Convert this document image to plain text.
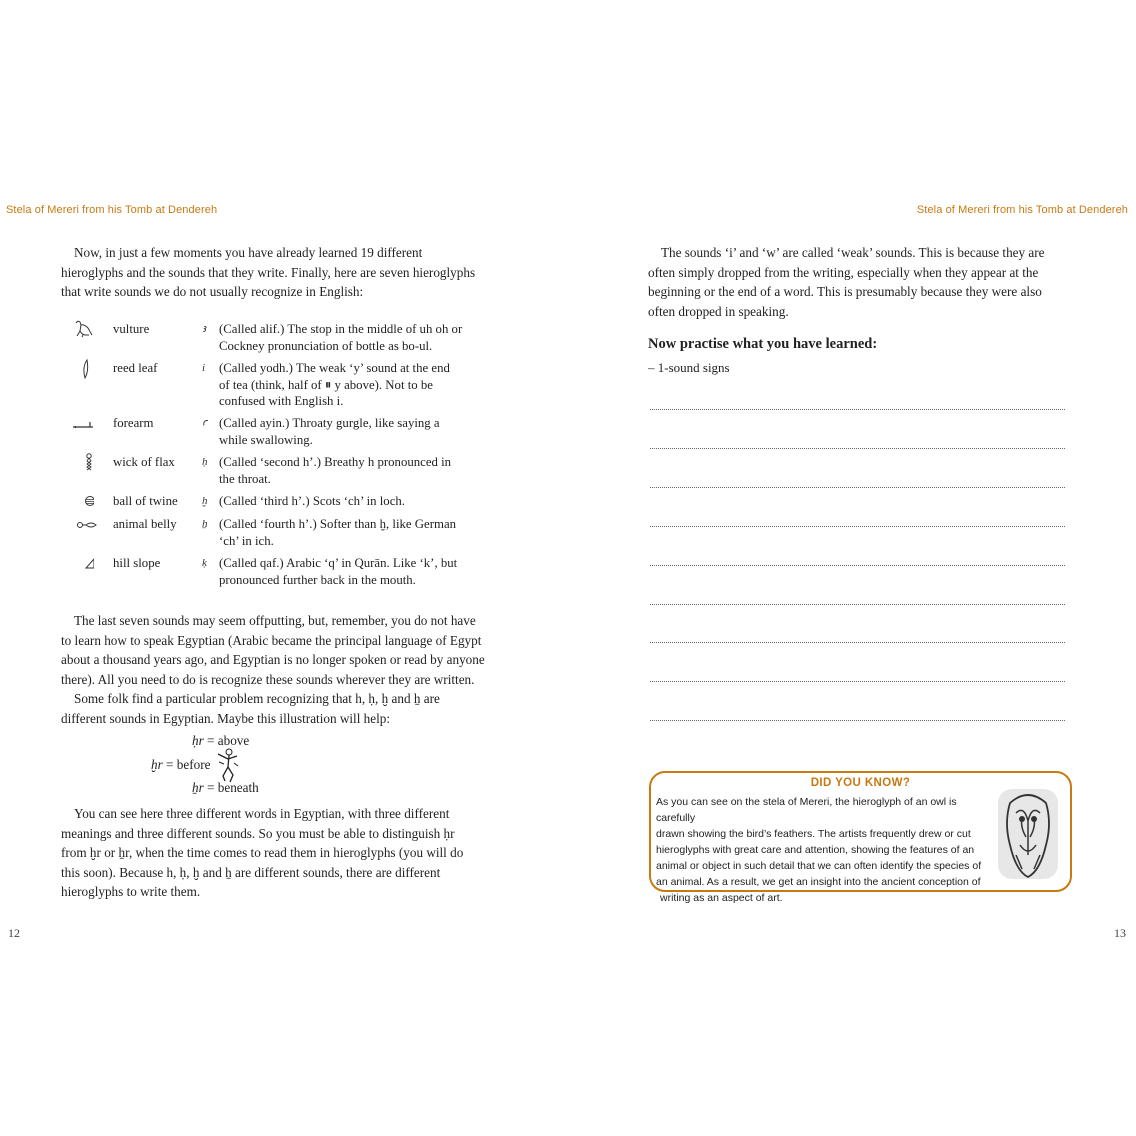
Stela of Mereri from his Tomb at Dendereh
Now, in just a few moments you have already learned 19 different
hieroglyphs and the sounds that they write. Finally, here are seven hieroglyphs
that write sounds we do not usually recognize in English:
vulture	ꜣ (Called alif.) The stop in the middle of uh oh or
Cockney pronunciation of bottle as bo-ul.
reed leaf	i (Called yodh.) The weak ‘y’ sound at the end
of tea (think, half of ⏸ y above). Not to be
confused with English i.
forearm	ꜥ (Called ayin.) Throaty gurgle, like saying a
while swallowing.
wick of flax ḥ (Called ‘second h’.) Breathy h pronounced in
the throat.
ball of twine ḫ (Called ‘third h’.) Scots ‘ch’ in loch.
animal belly ẖ (Called ‘fourth h’.) Softer than ḫ, like German
‘ch’ in ich.
hill slope	ḳ (Called qaf.) Arabic ‘q’ in Qurān. Like ‘k’, but
pronounced further back in the mouth.
The last seven sounds may seem offputting, but, remember, you do not have
to learn how to speak Egyptian (Arabic became the principal language of Egypt
about a thousand years ago, and Egyptian is no longer spoken or read by anyone
there). All you need to do is recognize these sounds wherever they are written.
Some folk find a particular problem recognizing that h, ḥ, ḫ and ẖ are
different sounds in Egyptian. Maybe this illustration will help:
ḥr = above
ḫr = before
ẖr = beneath
You can see here three different words in Egyptian, with three different
meanings and three different sounds. So you must be able to distinguish ḥr
from ḫr or ẖr, when the time comes to read them in hieroglyphs (you will do
this soon). Because h, ḥ, ḫ and ẖ are different sounds, there are different
hieroglyphs to write them.
12
Stela of Mereri from his Tomb at Dendereh
13
The sounds ‘i’ and ‘w’ are called ‘weak’ sounds. This is because they are
often simply dropped from the writing, especially when they appear at the
beginning or the end of a word. This is presumably because they were also
often dropped in speaking.
Now practise what you have learned:
– 1-sound signs
DID YOU KNOW?
As you can see on the stela of Mereri, the hieroglyph of an owl is carefully
drawn showing the bird’s feathers. The artists frequently drew or cut
hieroglyphs with great care and attention, showing the features of an
animal or object in such detail that we can often identify the species of
an animal. As a result, we get an insight into the ancient conception of
writing as an aspect of art.
